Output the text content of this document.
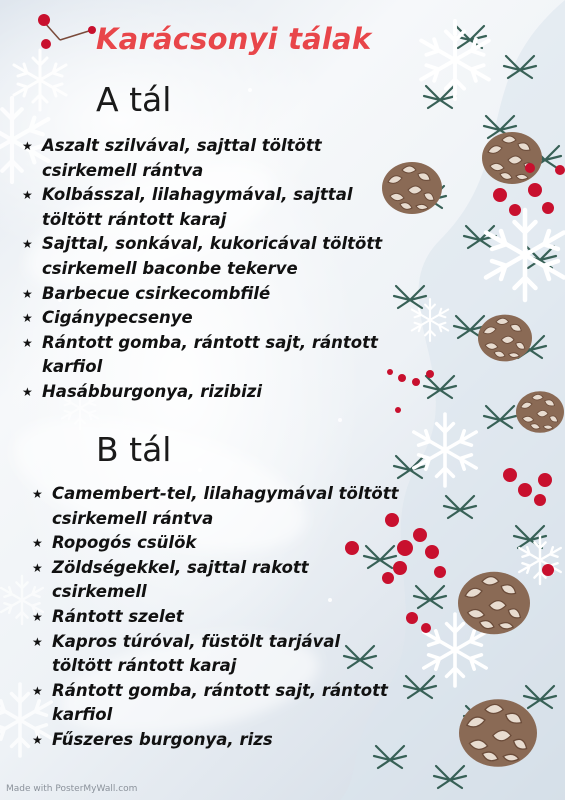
Karácsonyi tálak
A tál
★ Aszalt szilvával, sajttal töltött csirkemell rántva
★ Kolbásszal, lilahagymával, sajttal töltött rántott karaj
★ Sajttal, sonkával, kukoricával töltött csirkemell baconbe tekerve
★ Barbecue csirkecombfilé
★ Cigánypecsenye
★ Rántott gomba, rántott sajt, rántott karfiol
★ Hasábburgonya, rizibizi
B tál
★ Camembert-tel, lilahagymával töltött csirkemell rántva
★ Ropogós csülök
★ Zöldségekkel, sajttal rakott csirkemell
★ Rántott szelet
★ Kapros túróval, füstölt tarjával töltött rántott karaj
★ Rántott gomba, rántott sajt, rántott karfiol
★ Fűszeres burgonya, rizs
Made with PosterMyWall.com
